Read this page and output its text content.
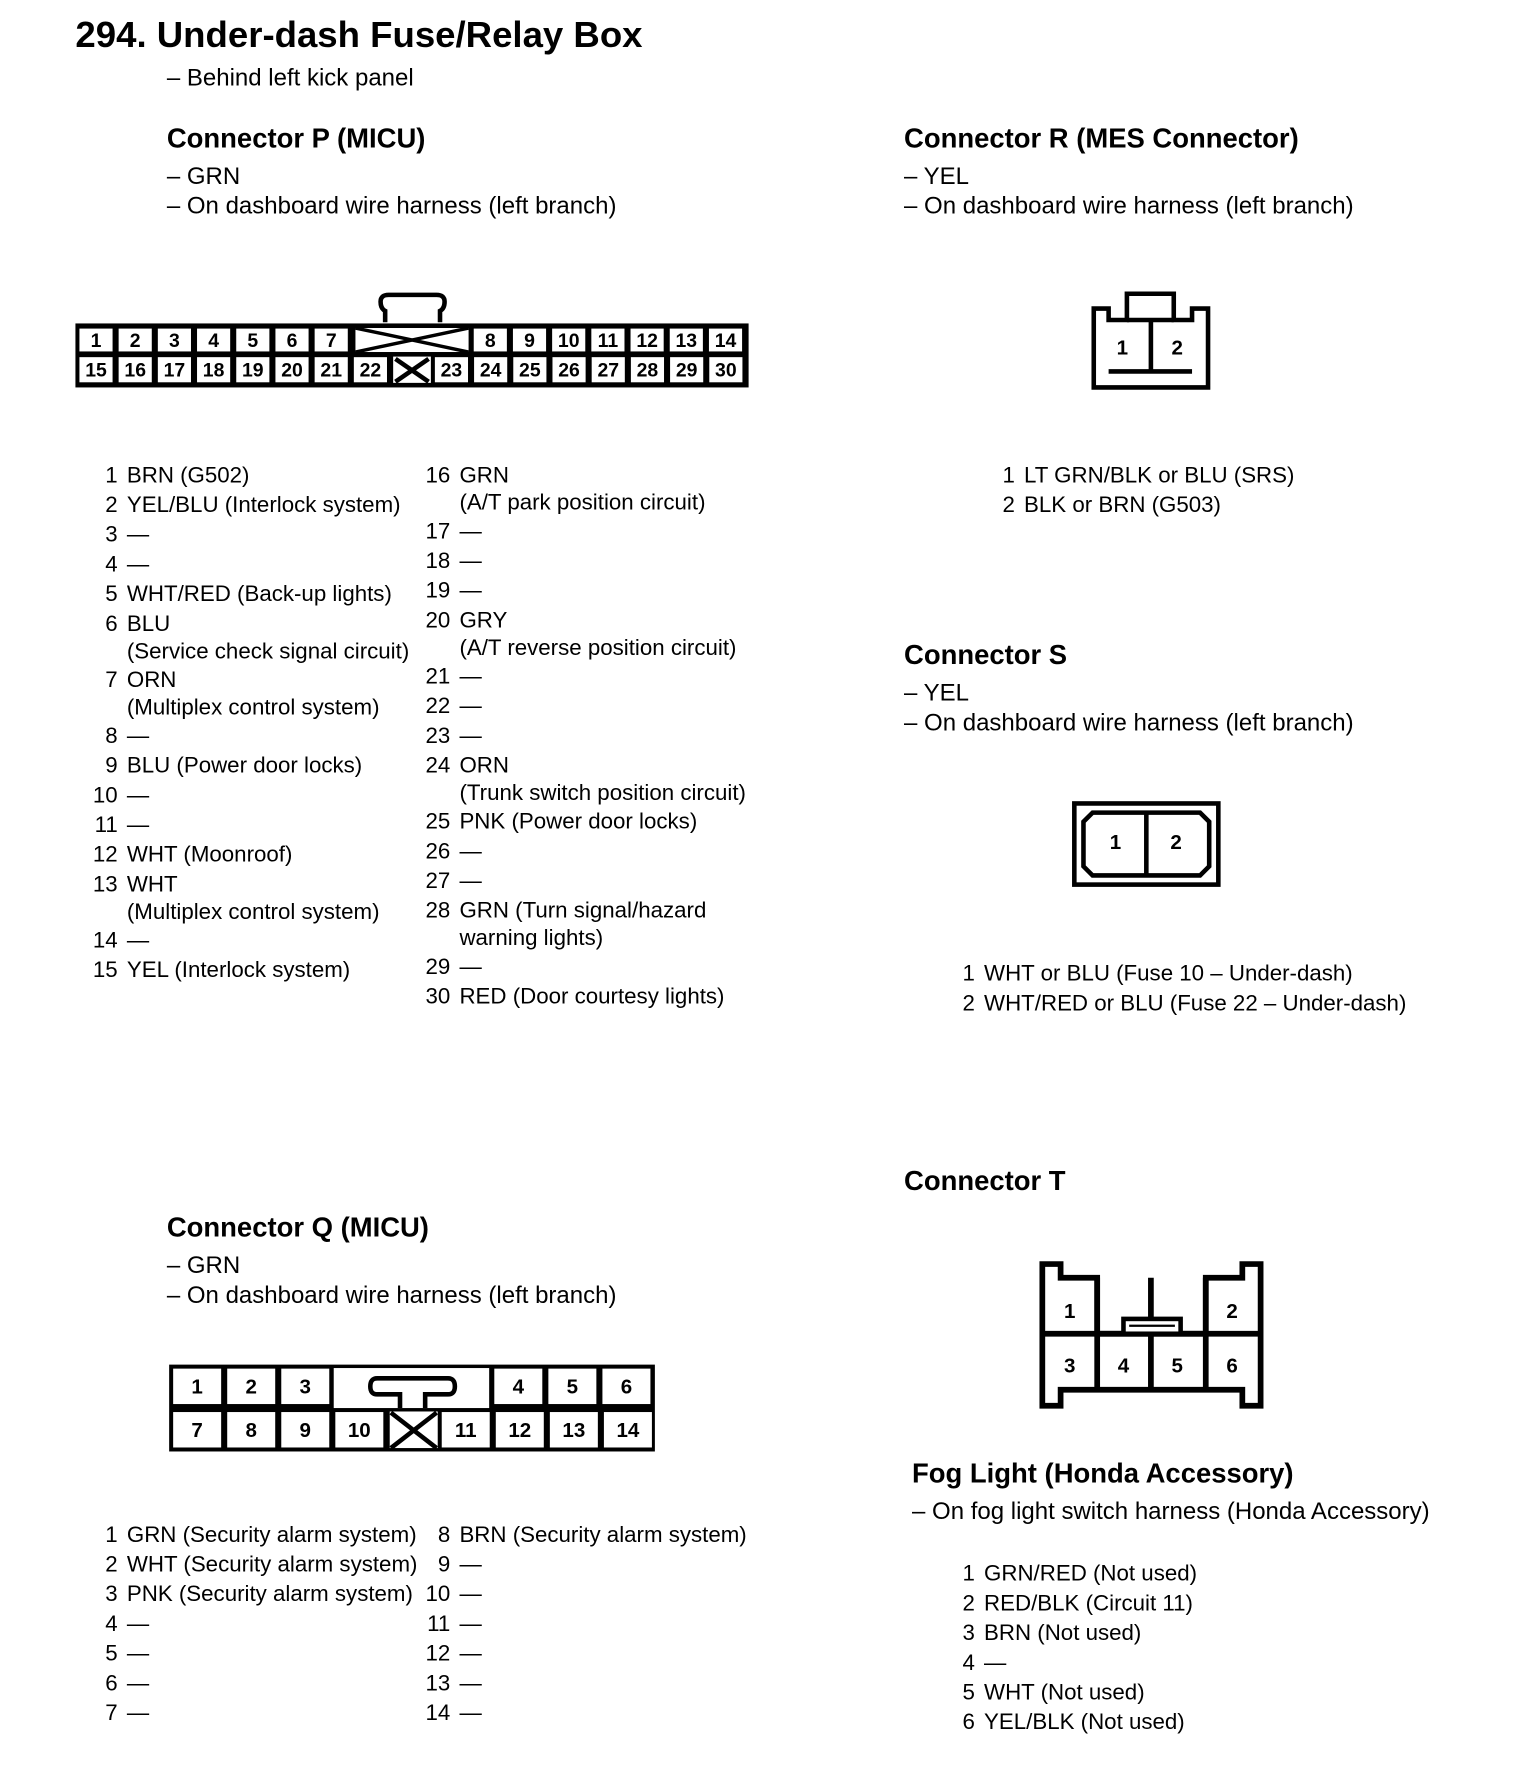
294. Under-dash Fuse/Relay Box
– Behind left kick panel
Connector P (MICU)
– GRN
– On dashboard wire harness (left branch)
1 2 3 4 5 6 7	8 9 10 11 12 13 14
15 16 17 18 19 20 21 22	23 24 25 26 27 28 29 30
1 2
1	2
1 2 3	4 5 6
7 8 9 10	11 12 13 14
1	2
3 4 5 6
1 BRN (G502)
2 YEL/BLU (Interlock system)
3 —
4 —
5 WHT/RED (Back-up lights)
6 BLU
(Service check signal circuit)
7 ORN
(Multiplex control system)
8 —
9 BLU (Power door locks)
10 —
11 —
12 WHT (Moonroof)
13 WHT
(Multiplex control system)
14 —
15 YEL (Interlock system)
16 GRN
(A/T park position circuit)
17 —
18 —
19 —
20 GRY
(A/T reverse position circuit)
21 —
22 —
23 —
24 ORN
(Trunk switch position circuit)
25 PNK (Power door locks)
26 —
27 —
28 GRN (Turn signal/hazard
warning lights)
29 —
30 RED (Door courtesy lights)
Connector R (MES Connector)
– YEL
– On dashboard wire harness (left branch)
1 LT GRN/BLK or BLU (SRS)
2 BLK or BRN (G503)
Connector S
– YEL
– On dashboard wire harness (left branch)
1 WHT or BLU (Fuse 10 – Under-dash)
2 WHT/RED or BLU (Fuse 22 – Under-dash)
Connector Q (MICU)
– GRN
– On dashboard wire harness (left branch)
1 GRN (Security alarm system)
2 WHT (Security alarm system)
3 PNK (Security alarm system)
4 —
5 —
6 —
7 —
8 BRN (Security alarm system)
9 —
10 —
11 —
12 —
13 —
14 —
Connector T
Fog Light (Honda Accessory)
– On fog light switch harness (Honda Accessory)
1 GRN/RED (Not used)
2 RED/BLK (Circuit 11)
3 BRN (Not used)
4 —
5 WHT (Not used)
6 YEL/BLK (Not used)
